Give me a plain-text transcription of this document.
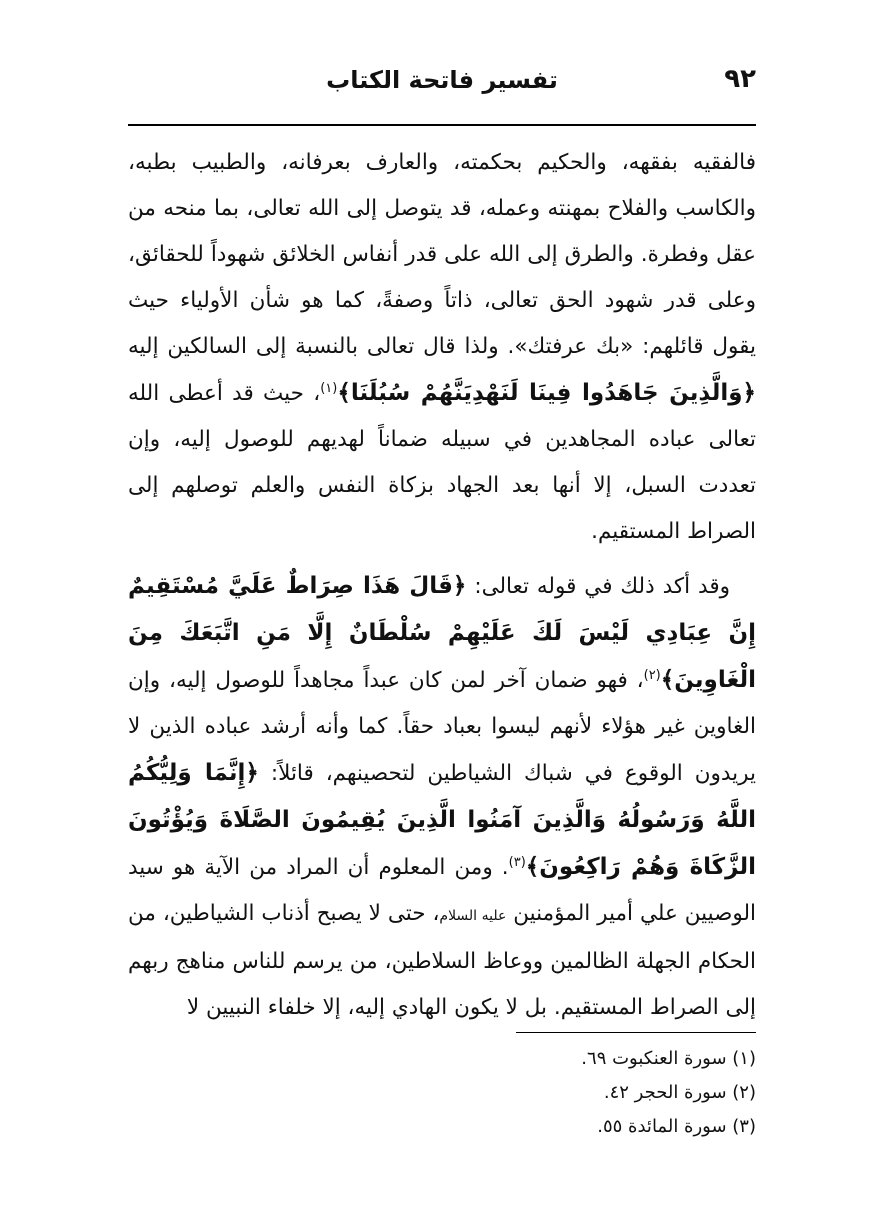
٩٢
تفسير فاتحة الكتاب

فالفقيه بفقهه، والحكيم بحكمته، والعارف بعرفانه، والطبيب بطبه، والكاسب والفلاح بمهنته وعمله، قد يتوصل إلى الله تعالى، بما منحه من عقل وفطرة. والطرق إلى الله على قدر أنفاس الخلائق شهوداً للحقائق، وعلى قدر شهود الحق تعالى، ذاتاً وصفةً، كما هو شأن الأولياء حيث يقول قائلهم: «بك عرفتك». ولذا قال تعالى بالنسبة إلى السالكين إليه ﴿وَالَّذِينَ جَاهَدُوا فِينَا لَنَهْدِيَنَّهُمْ سُبُلَنَا﴾$^{(١)}$، حيث قد أعطى الله تعالى عباده المجاهدين في سبيله ضماناً لهديهم للوصول إليه، وإن تعددت السبل، إلا أنها بعد الجهاد بزكاة النفس والعلم توصلهم إلى الصراط المستقيم.

وقد أكد ذلك في قوله تعالى: ﴿قَالَ هَذَا صِرَاطٌ عَلَيَّ مُسْتَقِيمٌ إِنَّ عِبَادِي لَيْسَ لَكَ عَلَيْهِمْ سُلْطَانٌ إِلَّا مَنِ اتَّبَعَكَ مِنَ الْغَاوِينَ﴾$^{(٢)}$، فهو ضمان آخر لمن كان عبداً مجاهداً للوصول إليه، وإن الغاوين غير هؤلاء لأنهم ليسوا بعباد حقاً. كما وأنه أرشد عباده الذين لا يريدون الوقوع في شباك الشياطين لتحصينهم، قائلاً: ﴿إِنَّمَا وَلِيُّكُمُ اللَّهُ وَرَسُولُهُ وَالَّذِينَ آمَنُوا الَّذِينَ يُقِيمُونَ الصَّلَاةَ وَيُؤْتُونَ الزَّكَاةَ وَهُمْ رَاكِعُونَ﴾$^{(٣)}$. ومن المعلوم أن المراد من الآية هو سيد الوصيين علي أمير المؤمنين عليه السلام، حتى لا يصبح أذناب الشياطين، من الحكام الجهلة الظالمين ووعاظ السلاطين، من يرسم للناس مناهج ربهم إلى الصراط المستقيم. بل لا يكون الهادي إليه، إلا خلفاء النبيين لا

(١) سورة العنكبوت ٦٩.

(٢) سورة الحجر ٤٢.

(٣) سورة المائدة ٥٥.
